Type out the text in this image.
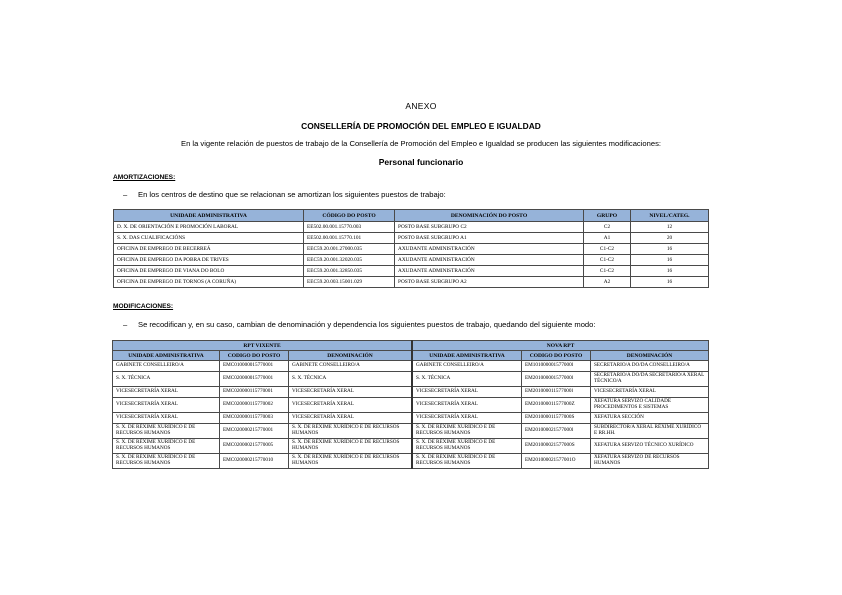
ANEXO
CONSELLERÍA DE PROMOCIÓN DEL EMPLEO E IGUALDAD
En la vigente relación de puestos de trabajo de la Consellería de Promoción del Empleo e Igualdad se producen las siguientes modificaciones:
Personal funcionario
AMORTIZACIONES:
– En los centros de destino que se relacionan se amortizan los siguientes puestos de trabajo:
UNIDADE ADMINISTRATIVA	CÓDIGO DO POSTO	DENOMINACIÓN DO POSTO	GRUPO	NIVEL/CATEG.
D. X. DE ORIENTACIÓN E PROMOCIÓN LABORAL	EE502.00.001.15770.003	POSTO BASE SUBGRUPO C2	C2	12
S. X. DAS CUALIFICACIÓNS	EE502.00.001.15770.101	POSTO BASE SUBGRUPO A1	A1	20
OFICINA DE EMPREGO DE BECERREÁ	EEC59.20.001.27000.035	AXUDANTE ADMINISTRACIÓN	C1-C2	16
OFICINA DE EMPREGO DA POBRA DE TRIVES	EEC59.20.001.32020.035	AXUDANTE ADMINISTRACIÓN	C1-C2	16
OFICINA DE EMPREGO DE VIANA DO BOLO	EEC59.20.001.32850.035	AXUDANTE ADMINISTRACIÓN	C1-C2	16
OFICINA DE EMPREGO DE TORNOS (A CORUÑA)	EEC59.20.003.15001.029	POSTO BASE SUBGRUPO A2	A2	16
MODIFICACIONES:
– Se recodifican y, en su caso, cambian de denominación y dependencia los siguientes puestos de trabajo, quedando del siguiente modo:
RPT VIXENTE			NOVA RPT		
UNIDADE ADMINISTRATIVA	CODIGO DO POSTO	DENOMINACIÓN	UNIDADE ADMINISTRATIVA	CODIGO DO POSTO	DENOMINACIÓN
GABINETE CONSELLEIRO/A	EMC010000015770001	GABINETE CONSELLEIRO/A	GABINETE CONSELLEIRO/A	EM101000001577000l	SECRETARIO/A DO/DA CONSELLEIRO/A
S. X. TÉCNICA	EMC020000015770001	S. X. TÉCNICA	S. X. TÉCNICA	EM201000001577000l	SECRETARIO/A DO/DA SECRETARIO/A XERAL TÉCNICO/A
VICESECRETARÍA XERAL	EMC020000115770001	VICESECRETARÍA XERAL	VICESECRETARÍA XERAL	EM201000011577000l	VICESECRETARÍA XERAL
VICESECRETARÍA XERAL	EMC020000115770002	VICESECRETARÍA XERAL	VICESECRETARÍA XERAL	EM201000011577000Z	XEFATURA SERVIZO CALIDADE PROCEDIMENTOS E SISTEMAS
VICESECRETARÍA XERAL	EMC020000115770003	VICESECRETARÍA XERAL	VICESECRETARÍA XERAL	EM201000011577000S	XEFATURA SECCIÓN
S. X. DE RÉXIME XURÍDICO E DE RECURSOS HUMANOS	EMC020000215770001	S. X. DE RÉXIME XURÍDICO E DE RECURSOS HUMANOS	S. X. DE RÉXIME XURÍDICO E DE RECURSOS HUMANOS	EM201000021577000l	SUBDIRECTOR/A XERAL RÉXIME XURÍDICO E RR.HH.
S. X. DE RÉXIME XURÍDICO E DE RECURSOS HUMANOS	EMC020000215770005	S. X. DE RÉXIME XURÍDICO E DE RECURSOS HUMANOS	S. X. DE RÉXIME XURÍDICO E DE RECURSOS HUMANOS	EM201000021577000S	XEFATURA SERVIZO TÉCNICO XURÍDICO
S. X. DE RÉXIME XURÍDICO E DE RECURSOS HUMANOS	EMC020000215770010	S. X. DE RÉXIME XURÍDICO E DE RECURSOS HUMANOS	S. X. DE RÉXIME XURÍDICO E DE RECURSOS HUMANOS	EM201000021577001O	XEFATURA SERVIZO DE RECURSOS HUMANOS
